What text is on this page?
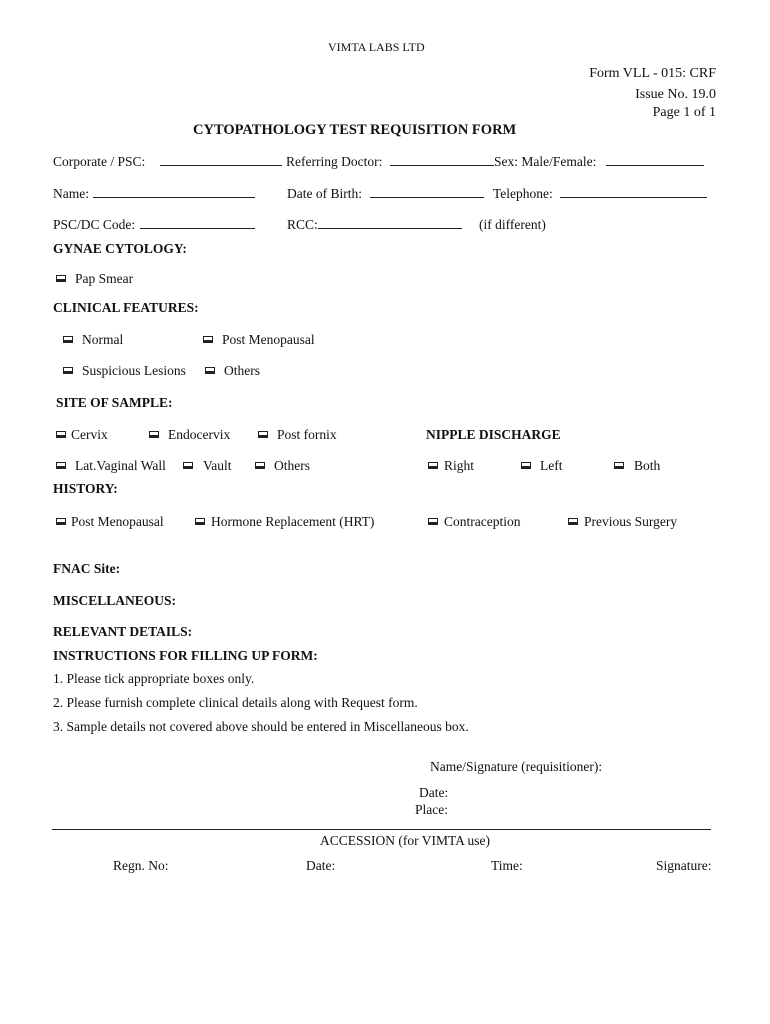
VIMTA LABS LTD
Form VLL - 015: CRF
Issue No. 19.0
Page 1 of 1
CYTOPATHOLOGY TEST REQUISITION FORM
Corporate / PSC:	Referring Doctor:	Sex: Male/Female:
Name:	Date of Birth:	Telephone:
PSC/DC Code:	RCC:	(if different)
GYNAE CYTOLOGY:
Pap Smear
CLINICAL FEATURES:
Normal	Post Menopausal
Suspicious Lesions	Others
SITE OF SAMPLE:
Cervix	Endocervix	Post fornix
Lat.Vaginal Wall	Vault	Others
NIPPLE DISCHARGE
Right	Left	Both
HISTORY:
Post Menopausal	Hormone Replacement (HRT)	Contraception	Previous Surgery
FNAC Site:
MISCELLANEOUS:
RELEVANT DETAILS:
INSTRUCTIONS FOR FILLING UP FORM:
1. Please tick appropriate boxes only.
2. Please furnish complete clinical details along with Request form.
3. Sample details not covered above should be entered in Miscellaneous box.
Name/Signature (requisitioner):
Date:
Place:
ACCESSION (for VIMTA use)
Regn. No:	Date:	Time:	Signature:
